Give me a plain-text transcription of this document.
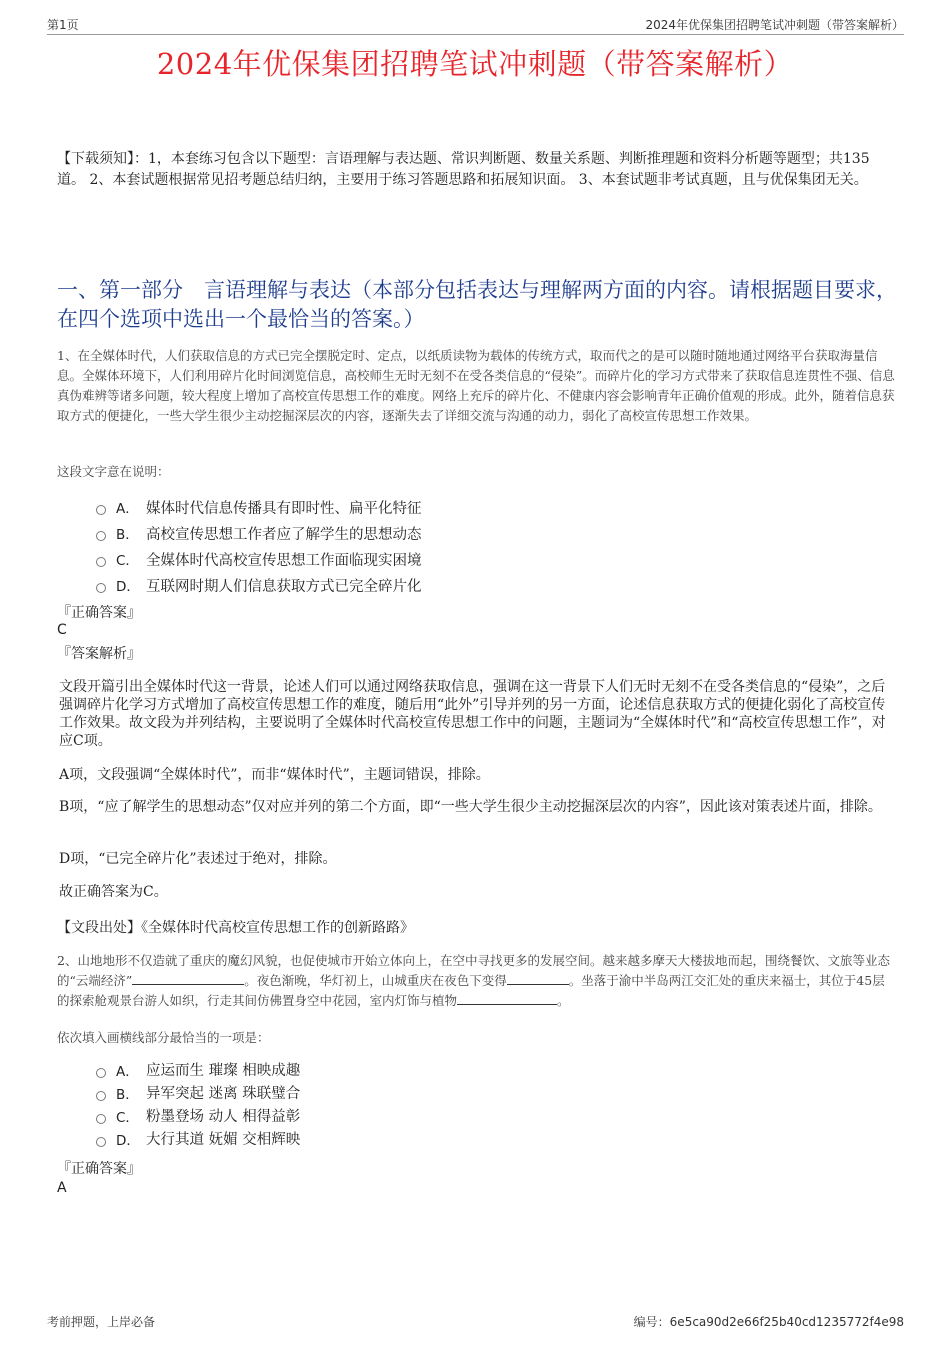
第1页	2024年优保集团招聘笔试冲刺题（带答案解析）
2024年优保集团招聘笔试冲刺题（带答案解析）
【下载须知】：1，本套练习包含以下题型：言语理解与表达题、常识判断题、数量关系题、判断推理题和资料分析题等题型；共135道。 2、本套试题根据常见招考题总结归纳，主要用于练习答题思路和拓展知识面。 3、本套试题非考试真题，且与优保集团无关。
一、第一部分　言语理解与表达（本部分包括表达与理解两方面的内容。请根据题目要求，在四个选项中选出一个最恰当的答案。）
1、在全媒体时代，人们获取信息的方式已完全摆脱定时、定点，以纸质读物为载体的传统方式，取而代之的是可以随时随地通过网络平台获取海量信息。全媒体环境下，人们利用碎片化时间浏览信息，高校师生无时无刻不在受各类信息的“侵染”。而碎片化的学习方式带来了获取信息连贯性不强、信息真伪难辨等诸多问题，较大程度上增加了高校宣传思想工作的难度。网络上充斥的碎片化、不健康内容会影响青年正确价值观的形成。此外，随着信息获取方式的便捷化，一些大学生很少主动挖掘深层次的内容，逐渐失去了详细交流与沟通的动力，弱化了高校宣传思想工作效果。
这段文字意在说明：
A． 媒体时代信息传播具有即时性、扁平化特征
B． 高校宣传思想工作者应了解学生的思想动态
C． 全媒体时代高校宣传思想工作面临现实困境
D． 互联网时期人们信息获取方式已完全碎片化
『正确答案』
C
『答案解析』

文段开篇引出全媒体时代这一背景，论述人们可以通过网络获取信息，强调在这一背景下人们无时无刻不在受各类信息的“侵染”，之后强调碎片化学习方式增加了高校宣传思想工作的难度，随后用“此外”引导并列的另一方面，论述信息获取方式的便捷化弱化了高校宣传工作效果。故文段为并列结构，主要说明了全媒体时代高校宣传思想工作中的问题，主题词为“全媒体时代”和“高校宣传思想工作”，对应C项。

A项，文段强调“全媒体时代”，而非“媒体时代”，主题词错误，排除。

B项，“应了解学生的思想动态”仅对应并列的第二个方面，即“一些大学生很少主动挖掘深层次的内容”，因此该对策表述片面，排除。

D项，“已完全碎片化”表述过于绝对，排除。

故正确答案为C。

【文段出处】《全媒体时代高校宣传思想工作的创新路路》
2、山地地形不仅造就了重庆的魔幻风貌，也促使城市开始立体向上，在空中寻找更多的发展空间。越来越多摩天大楼拔地而起，围绕餐饮、文旅等业态的“云端经济”	。夜色渐晚，华灯初上，山城重庆在夜色下变得	。坐落于渝中半岛两江交汇处的重庆来福士，其位于45层的探索舱观景台游人如织，行走其间仿佛置身空中花园，室内灯饰与植物	。
依次填入画横线部分最恰当的一项是：
A． 应运而生 璀璨 相映成趣
B． 异军突起 迷离 珠联璧合
C． 粉墨登场 动人 相得益彰
D． 大行其道 妩媚 交相辉映
『正确答案』
A
考前押题，上岸必备	编号：6e5ca90d2e66f25b40cd1235772f4e98
